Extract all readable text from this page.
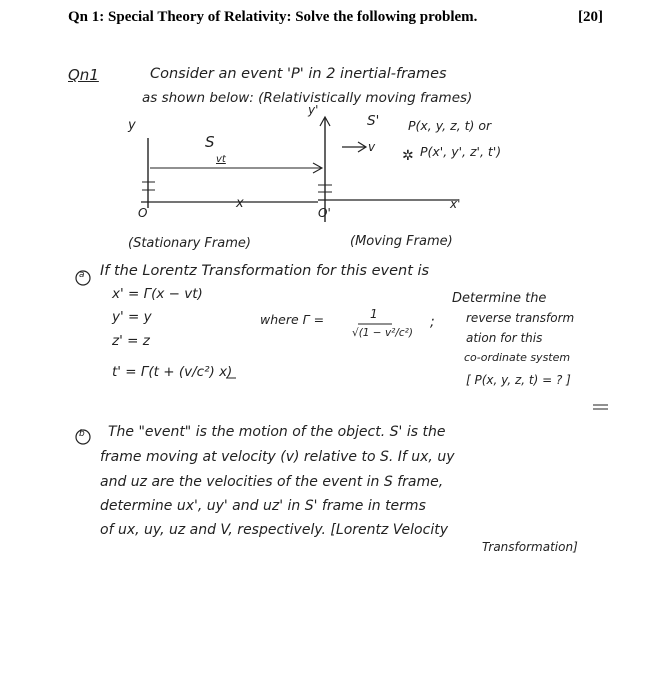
Qn 1: Special Theory of Relativity: Solve the following problem.	[20]
Qn1	Consider an event 'P' in 2 inertial-frames
as shown below: (Relativistically moving frames)
✲
y
S
vt
x
O
y'
S'
v
P(x, y, z, t) or
P(x', y', z', t')
O'
x'
(Stationary Frame)	(Moving Frame)
a If the Lorentz Transformation for this event is
x' = Γ(x − vt)
y' = y
z' = z
t' = Γ(t + (v/c²) x)
where Γ =	1
√(1 − v²/c²)
;
Determine the
reverse transform
ation for this
co-ordinate system
[ P(x, y, z, t) = ? ]
b The "event" is the motion of the object. S' is the
frame moving at velocity (v) relative to S. If ux, uy
and uz are the velocities of the event in S frame,
determine ux', uy' and uz' in S' frame in terms
of ux, uy, uz and V, respectively. [Lorentz Velocity
Transformation]
